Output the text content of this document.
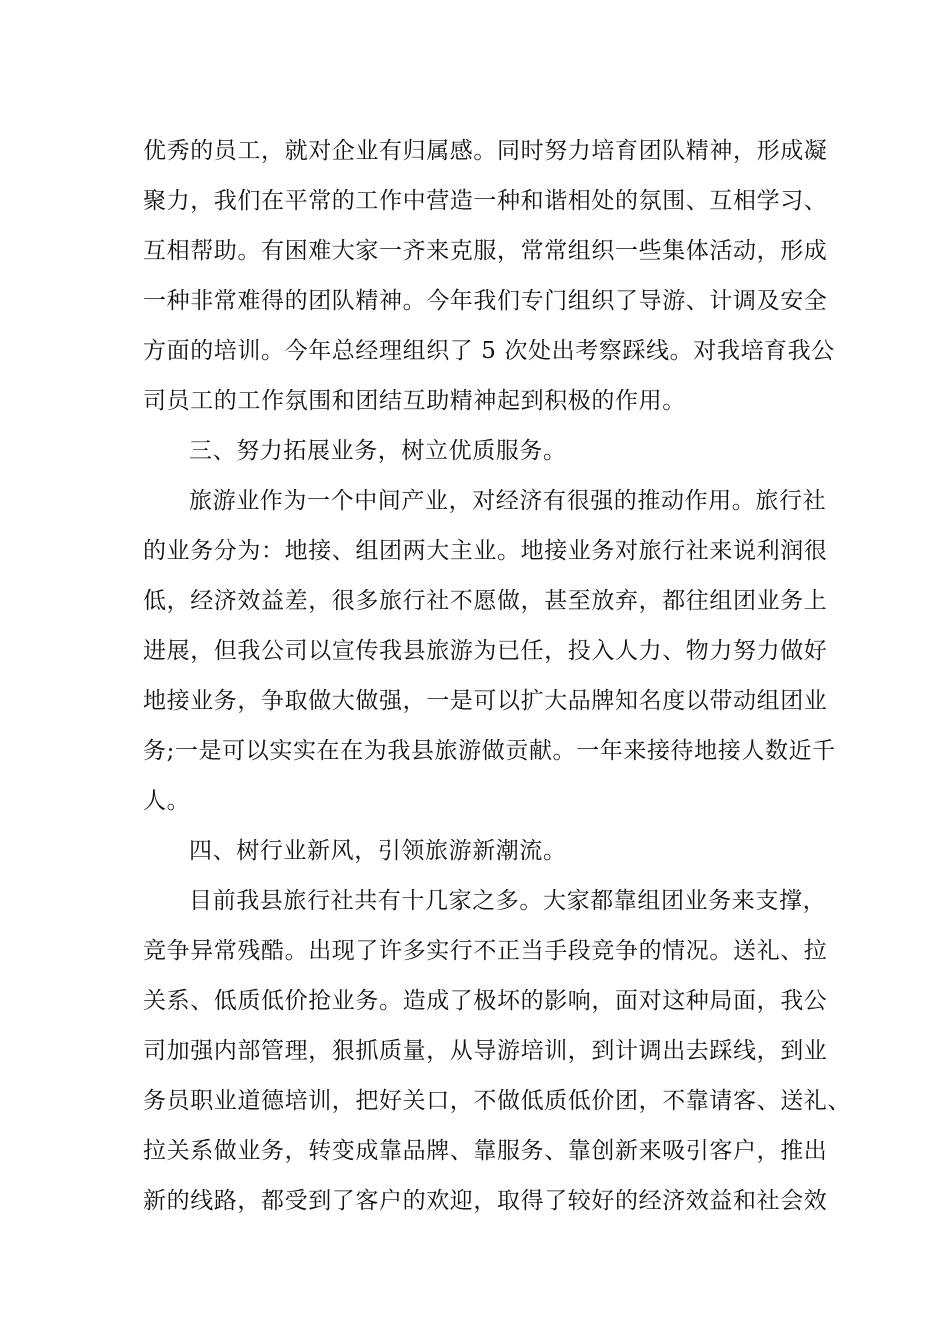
优秀的员工，就对企业有归属感。同时努力培育团队精神，形成凝
聚力，我们在平常的工作中营造一种和谐相处的氛围、互相学习、
互相帮助。有困难大家一齐来克服，常常组织一些集体活动，形成
一种非常难得的团队精神。今年我们专门组织了导游、计调及安全
方面的培训。今年总经理组织了 5 次处出考察踩线。对我培育我公
司员工的工作氛围和团结互助精神起到积极的作用。
三、努力拓展业务，树立优质服务。
旅游业作为一个中间产业，对经济有很强的推动作用。旅行社
的业务分为：地接、组团两大主业。地接业务对旅行社来说利润很
低，经济效益差，很多旅行社不愿做，甚至放弃，都往组团业务上
进展，但我公司以宣传我县旅游为已任，投入人力、物力努力做好
地接业务，争取做大做强，一是可以扩大品牌知名度以带动组团业
务;一是可以实实在在为我县旅游做贡献。一年来接待地接人数近千
人。
四、树行业新风，引领旅游新潮流。
目前我县旅行社共有十几家之多。大家都靠组团业务来支撑，
竞争异常残酷。出现了许多实行不正当手段竞争的情况。送礼、拉
关系、低质低价抢业务。造成了极坏的影响，面对这种局面，我公
司加强内部管理，狠抓质量，从导游培训，到计调出去踩线，到业
务员职业道德培训，把好关口，不做低质低价团，不靠请客、送礼、
拉关系做业务，转变成靠品牌、靠服务、靠创新来吸引客户，推出
新的线路，都受到了客户的欢迎，取得了较好的经济效益和社会效
